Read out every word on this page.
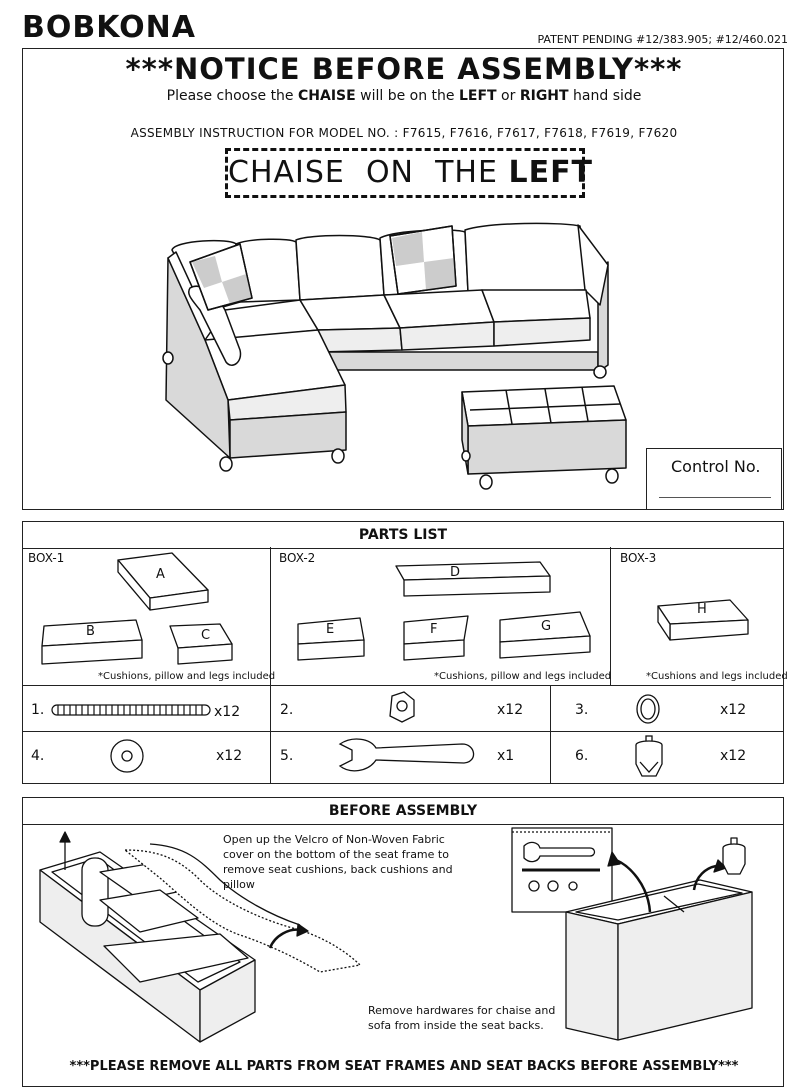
BOBKONA	PATENT PENDING #12/383.905; #12/460.021
***NOTICE BEFORE ASSEMBLY***
Please choose the CHAISE will be on the LEFT or RIGHT hand side
ASSEMBLY INSTRUCTION FOR MODEL NO. : F7615, F7616, F7617, F7618, F7619, F7620
CHAISE  ON  THE LEFT
Control No.
PARTS LIST
BOX-1	BOX-2	BOX-3
*Cushions, pillow and legs included	*Cushions, pillow and legs included	*Cushions and legs included
A
B	C
D
E	F	G
H
1.	x12	2.	x12	3.	x12
4.	x12	5.	x1	6.	x12
BEFORE ASSEMBLY
Open up the Velcro of Non-Woven Fabric cover on the bottom of the seat frame to remove seat cushions, back cushions and pillow
Remove hardwares for chaise and sofa from inside the seat backs.
***PLEASE REMOVE ALL PARTS FROM SEAT FRAMES AND SEAT BACKS BEFORE ASSEMBLY***
